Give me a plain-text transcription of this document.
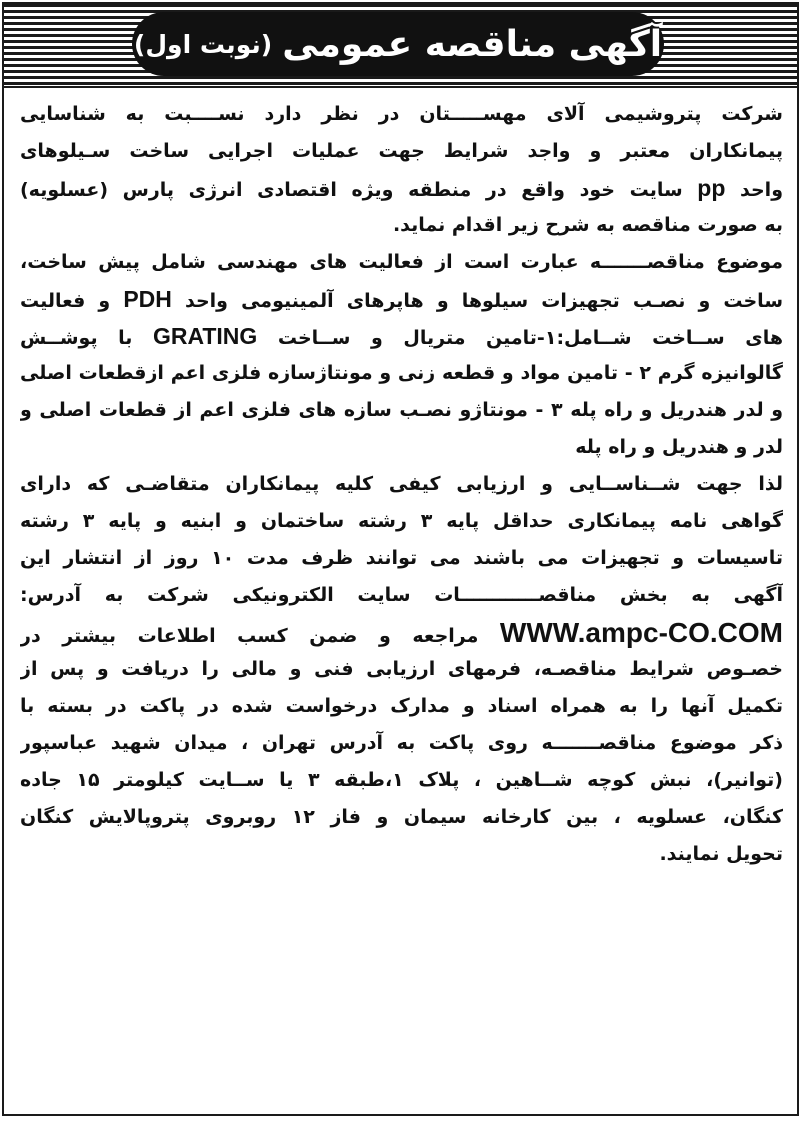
آگهی مناقصه عمومی
(نوبت اول)

شرکت پتروشیمی آلای مهســـــتان در نظر دارد نســــبت به شناسایی
پیمانکاران معتبر و واجد شرایط جهت عملیات اجرایی ساخت سـیلوهای
واحد pp سایت خود واقع در منطقه ویژه اقتصادی انرژی پارس (عسلویه)
به صورت مناقصه به شرح زیر اقدام نماید.

موضوع مناقصـــــــه عبارت است از فعالیت های مهندسی شامل پیش ساخت،
ساخت و نصـب تجهیزات سیلوها و هاپرهای آلمینیومی واحد PDH و فعالیت
های ســاخت شــامل:۱-تامین متریال و ســاخت GRATING با پوشــش
گالوانیزه گرم ۲ - تامین مواد و قطعه زنی و مونتاژسازه فلزی اعم ازقطعات اصلی
و لدر هندریل و راه پله ۳ - مونتاژو نصـب سازه های فلزی اعم از قطعات اصلی و
لدر و هندریل و راه پله

لذا جهت شــناســایی و ارزیابی کیفی کلیه پیمانکاران متقاضـی که دارای
گواهی نامه پیمانکاری حداقل پایه ۳ رشته ساختمان و ابنیه و پایه ۳ رشته
تاسیسات و تجهیزات می باشند می توانند ظرف مدت ۱۰ روز از انتشار این
آگهی به بخش مناقصــــــــــــات سایت الکترونیکی شرکت به آدرس:
WWW.ampc-CO.COM مراجعه و ضمن کسب اطلاعات بیشتر در
خصـوص شرایط مناقصـه، فرمهای ارزیابی فنی و مالی را دریافت و پس از
تکمیل آنها را به همراه اسناد و مدارک درخواست شده در پاکت در بسته با
ذکر موضوع مناقصـــــــه روی پاکت به آدرس تهران ، میدان شهید عباسپور
(توانیر)، نبش کوچه شــاهین ، پلاک ۱،طبقه ۳ یا ســایت کیلومتر ۱۵ جاده
کنگان، عسلویه ، بین کارخانه سیمان و فاز ۱۲ روبروی پتروپالایش کنگان
تحویل نمایند.
